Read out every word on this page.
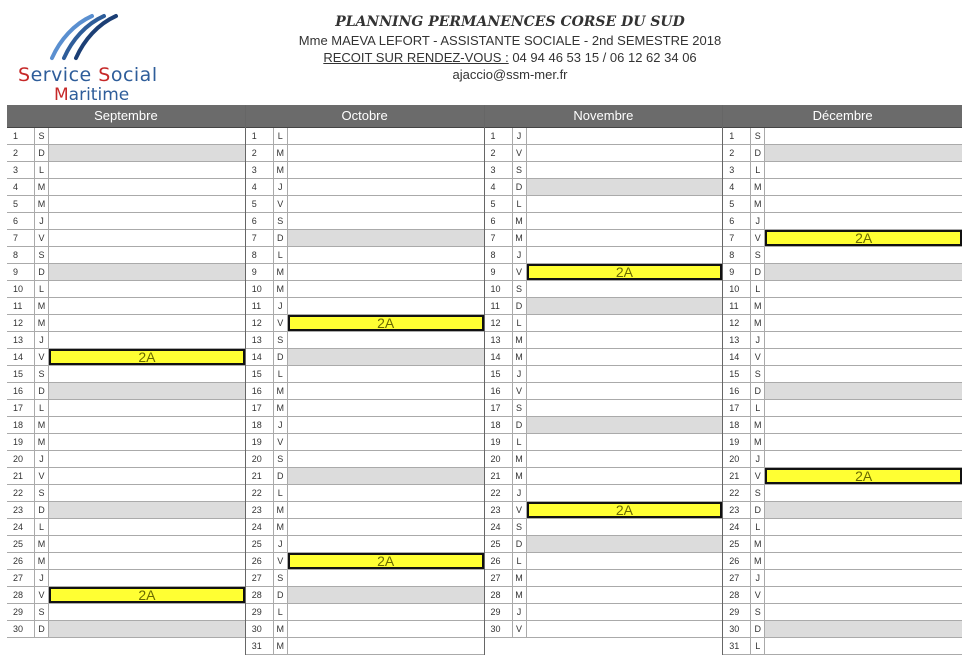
Service Social
Maritime
PLANNING PERMANENCES CORSE DU SUD
Mme MAEVA LEFORT - ASSISTANTE SOCIALE - 2nd SEMESTRE 2018
RECOIT SUR RENDEZ-VOUS : 04 94 46 53 15 / 06 12 62 34 06
ajaccio@ssm-mer.fr
Septembre
1	S
2	D
3	L
4	M
5	M
6	J
7	V
8	S
9	D
10	L
11	M
12	M
13	J
14	V	2A
15	S
16	D
17	L
18	M
19	M
20	J
21	V
22	S
23	D
24	L
25	M
26	M
27	J
28	V	2A
29	S
30	D
Octobre
1	L
2	M
3	M
4	J
5	V
6	S
7	D
8	L
9	M
10	M
11	J
12	V	2A
13	S
14	D
15	L
16	M
17	M
18	J
19	V
20	S
21	D
22	L
23	M
24	M
25	J
26	V	2A
27	S
28	D
29	L
30	M
31	M
Novembre
1	J
2	V
3	S
4	D
5	L
6	M
7	M
8	J
9	V	2A
10	S
11	D
12	L
13	M
14	M
15	J
16	V
17	S
18	D
19	L
20	M
21	M
22	J
23	V	2A
24	S
25	D
26	L
27	M
28	M
29	J
30	V
Décembre
1	S
2	D
3	L
4	M
5	M
6	J
7	V	2A
8	S
9	D
10	L
11	M
12	M
13	J
14	V
15	S
16	D
17	L
18	M
19	M
20	J
21	V	2A
22	S
23	D
24	L
25	M
26	M
27	J
28	V
29	S
30	D
31	L
